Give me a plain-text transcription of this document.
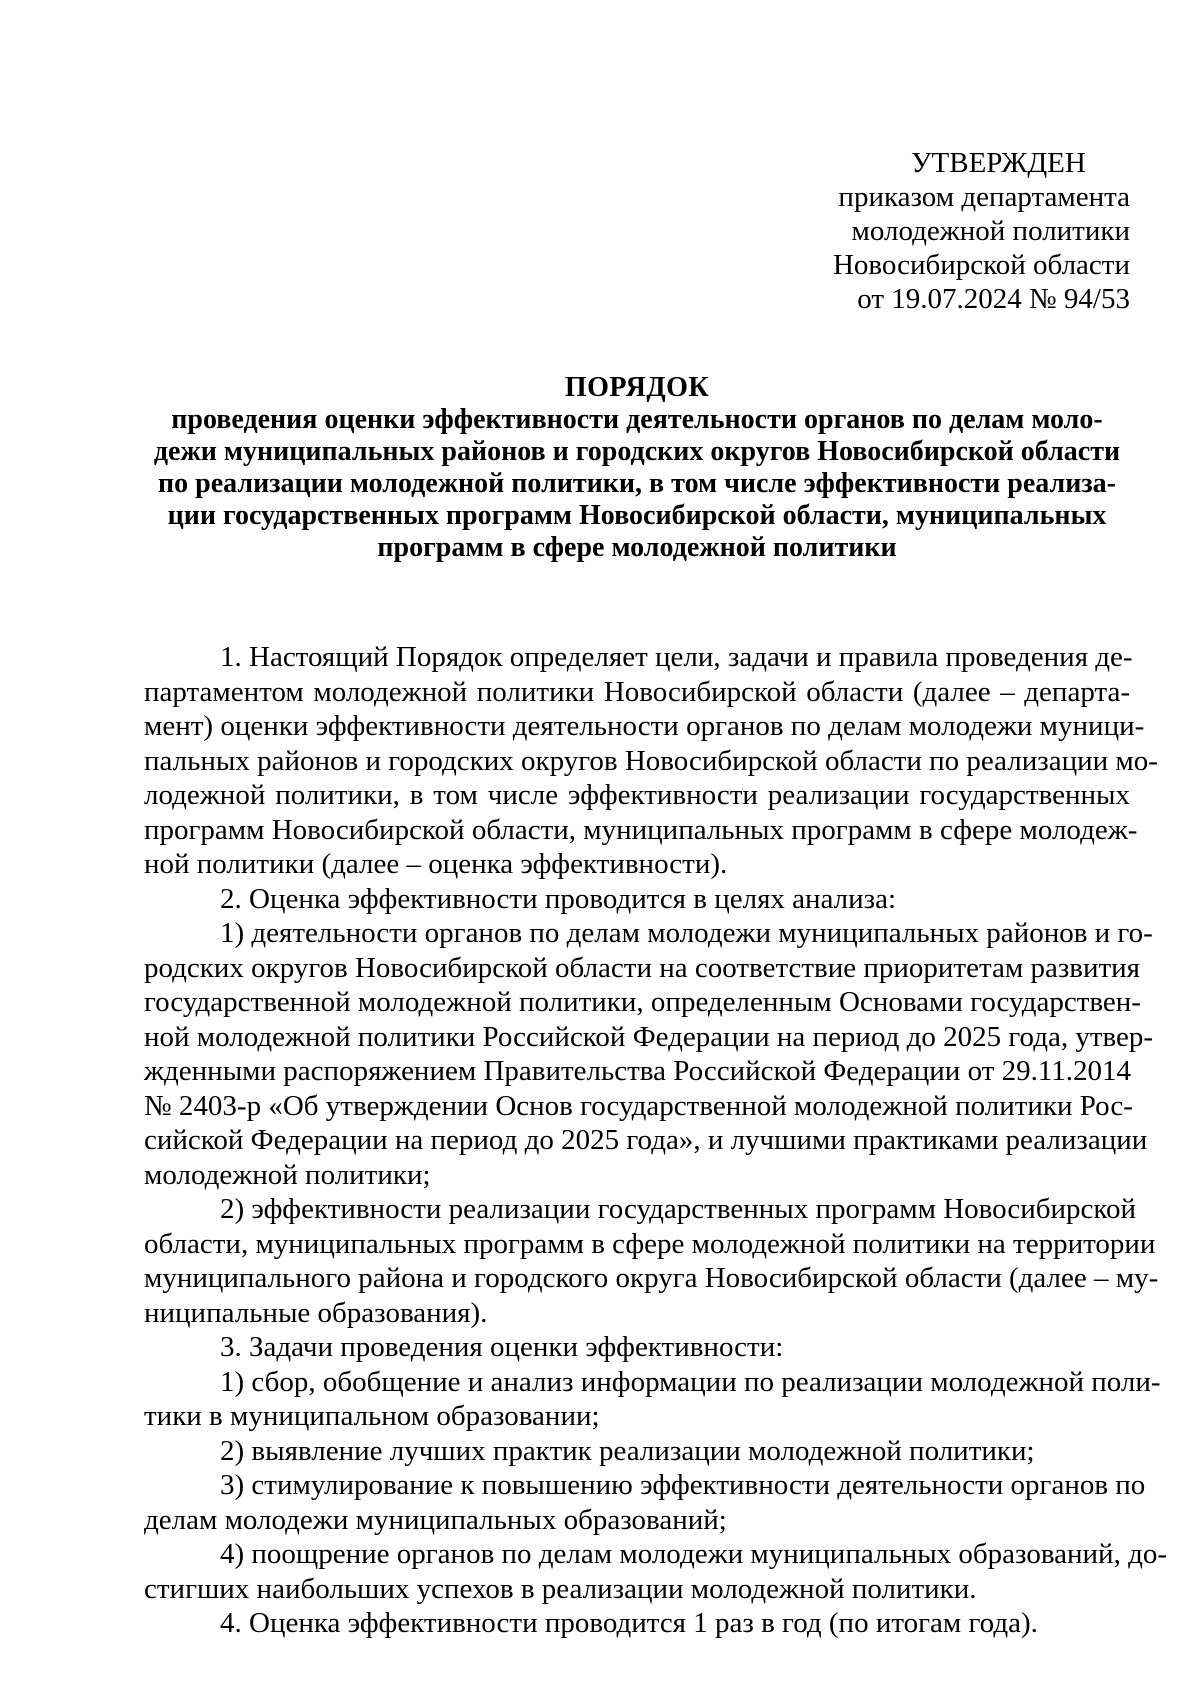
УТВЕРЖДЕН
приказом департамента
молодежной политики
Новосибирской области
от 19.07.2024 № 94/53
ПОРЯДОК
проведения оценки эффективности деятельности органов по делам моло-
дежи муниципальных районов и городских округов Новосибирской области
по реализации молодежной политики, в том числе эффективности реализа-
ции государственных программ Новосибирской области, муниципальных
программ в сфере молодежной политики
1. Настоящий Порядок определяет цели, задачи и правила проведения де-
партаментом молодежной политики Новосибирской области (далее – департа-
мент) оценки эффективности деятельности органов по делам молодежи муници-
пальных районов и городских округов Новосибирской области по реализации мо-
лодежной политики, в том числе эффективности реализации государственных
программ Новосибирской области, муниципальных программ в сфере молодеж-
ной политики (далее – оценка эффективности).
2. Оценка эффективности проводится в целях анализа:
1) деятельности органов по делам молодежи муниципальных районов и го-
родских округов Новосибирской области на соответствие приоритетам развития
государственной молодежной политики, определенным Основами государствен-
ной молодежной политики Российской Федерации на период до 2025 года, утвер-
жденными распоряжением Правительства Российской Федерации от 29.11.2014
№ 2403-р «Об утверждении Основ государственной молодежной политики Рос-
сийской Федерации на период до 2025 года», и лучшими практиками реализации
молодежной политики;
2) эффективности реализации государственных программ Новосибирской
области, муниципальных программ в сфере молодежной политики на территории
муниципального района и городского округа Новосибирской области (далее – му-
ниципальные образования).
3. Задачи проведения оценки эффективности:
1) сбор, обобщение и анализ информации по реализации молодежной поли-
тики в муниципальном образовании;
2) выявление лучших практик реализации молодежной политики;
3) стимулирование к повышению эффективности деятельности органов по
делам молодежи муниципальных образований;
4) поощрение органов по делам молодежи муниципальных образований, до-
стигших наибольших успехов в реализации молодежной политики.
4. Оценка эффективности проводится 1 раз в год (по итогам года).
